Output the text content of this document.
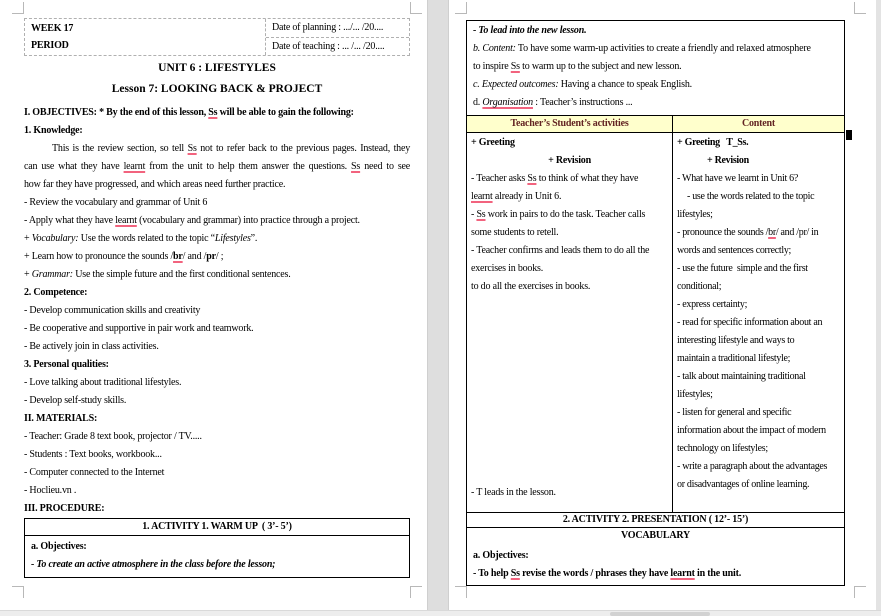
WEEK 17
PERIOD
Date of planning : .../... /20....
Date of teaching : ... /... /20....
UNIT 6 : LIFESTYLES
Lesson 7: LOOKING BACK & PROJECT
I. OBJECTIVES: * By the end of this lesson, Ss will be able to gain the following:
1. Knowledge:
This is the review section, so tell Ss not to refer back to the previous pages. Instead, they
can use what they have learnt from the unit to help them answer the questions. Ss need to see
how far they have progressed, and which areas need further practice.
- Review the vocabulary and grammar of Unit 6
- Apply what they have learnt (vocabulary and grammar) into practice through a project.
+ Vocabulary: Use the words related to the topic “Lifestyles”.
+ Learn how to pronounce the sounds /br/ and /pr/ ;
+ Grammar: Use the simple future and the first conditional sentences.
2. Competence:
- Develop communication skills and creativity
- Be cooperative and supportive in pair work and teamwork.
- Be actively join in class activities.
3. Personal qualities:
- Love talking about traditional lifestyles.
- Develop self-study skills.
II. MATERIALS:
- Teacher: Grade 8 text book, projector / TV.....
- Students : Text books, workbook...
- Computer connected to the Internet
- Hoclieu.vn .
III. PROCEDURE:
1. ACTIVITY 1. WARM UP  ( 3’- 5’)
a. Objectives:
- To create an active atmosphere in the class before the lesson;
- To lead into the new lesson.
b. Content: To have some warm-up activities to create a friendly and relaxed atmosphere
to inspire Ss to warm up to the subject and new lesson.
c. Expected outcomes: Having a chance to speak English.
d. Organisation : Teacher’s instructions ...
Teacher’s Student’s activities	Content
+ Greeting
+ Revision
- Teacher asks Ss to think of what they have
learnt already in Unit 6.
- Ss work in pairs to do the task. Teacher calls
some students to retell.
- Teacher confirms and leads them to do all the
exercises in books.
to do all the exercises in books.
- T leads in the lesson.
+ Greeting   T_Ss.
+ Revision
- What have we learnt in Unit 6?
- use the words related to the topic
lifestyles;
- pronounce the sounds /br/ and /pr/ in
words and sentences correctly;
- use the future  simple and the first
conditional;
- express certainty;
- read for specific information about an
interesting lifestyle and ways to
maintain a traditional lifestyle;
- talk about maintaining traditional
lifestyles;
- listen for general and specific
information about the impact of modern
technology on lifestyles;
- write a paragraph about the advantages
or disadvantages of online learning.
2. ACTIVITY 2. PRESENTATION ( 12’- 15’)
VOCABULARY
a. Objectives:
- To help Ss revise the words / phrases they have learnt in the unit.
